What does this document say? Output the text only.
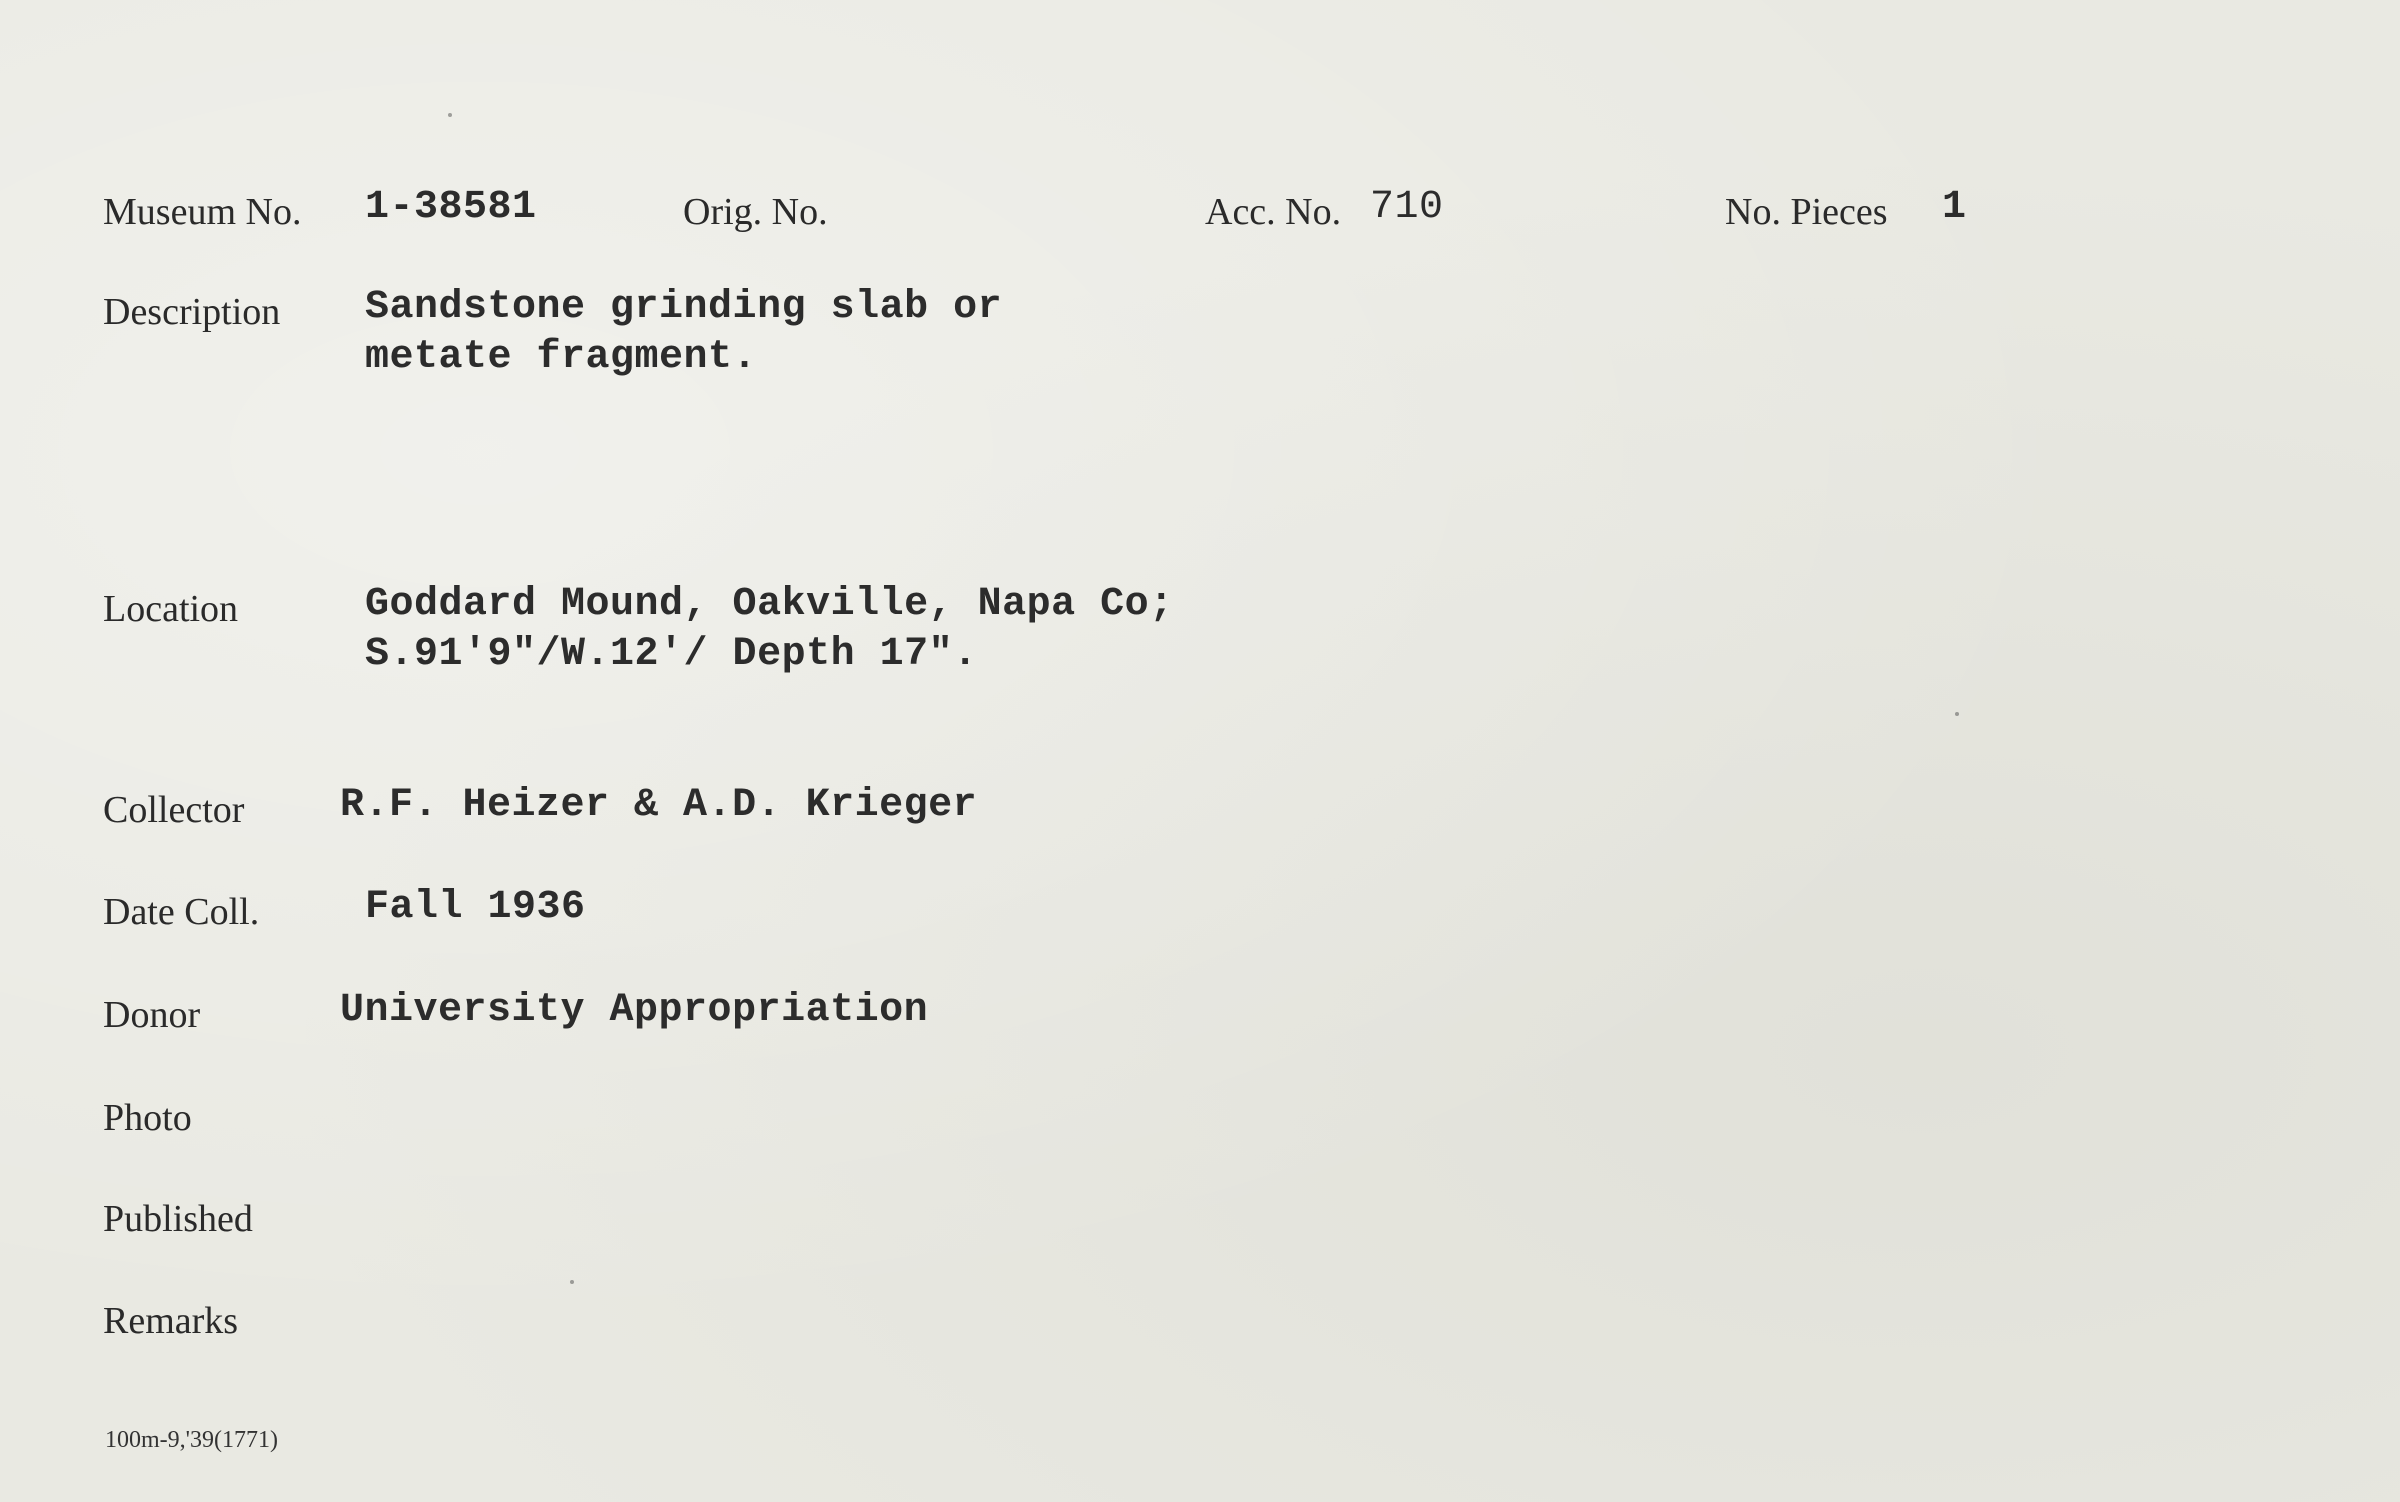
Museum No. 1-38581	Orig. No.	Acc. No. 710	No. Pieces 1
Description Sandstone grinding slab or
metate fragment.
Location	Goddard Mound, Oakville, Napa Co;
S.91'9"/W.12'/ Depth 17".
Collector R.F. Heizer & A.D. Krieger
Date Coll.	Fall 1936
Donor	University Appropriation
Photo
Published
Remarks
100m-9,'39(1771)
